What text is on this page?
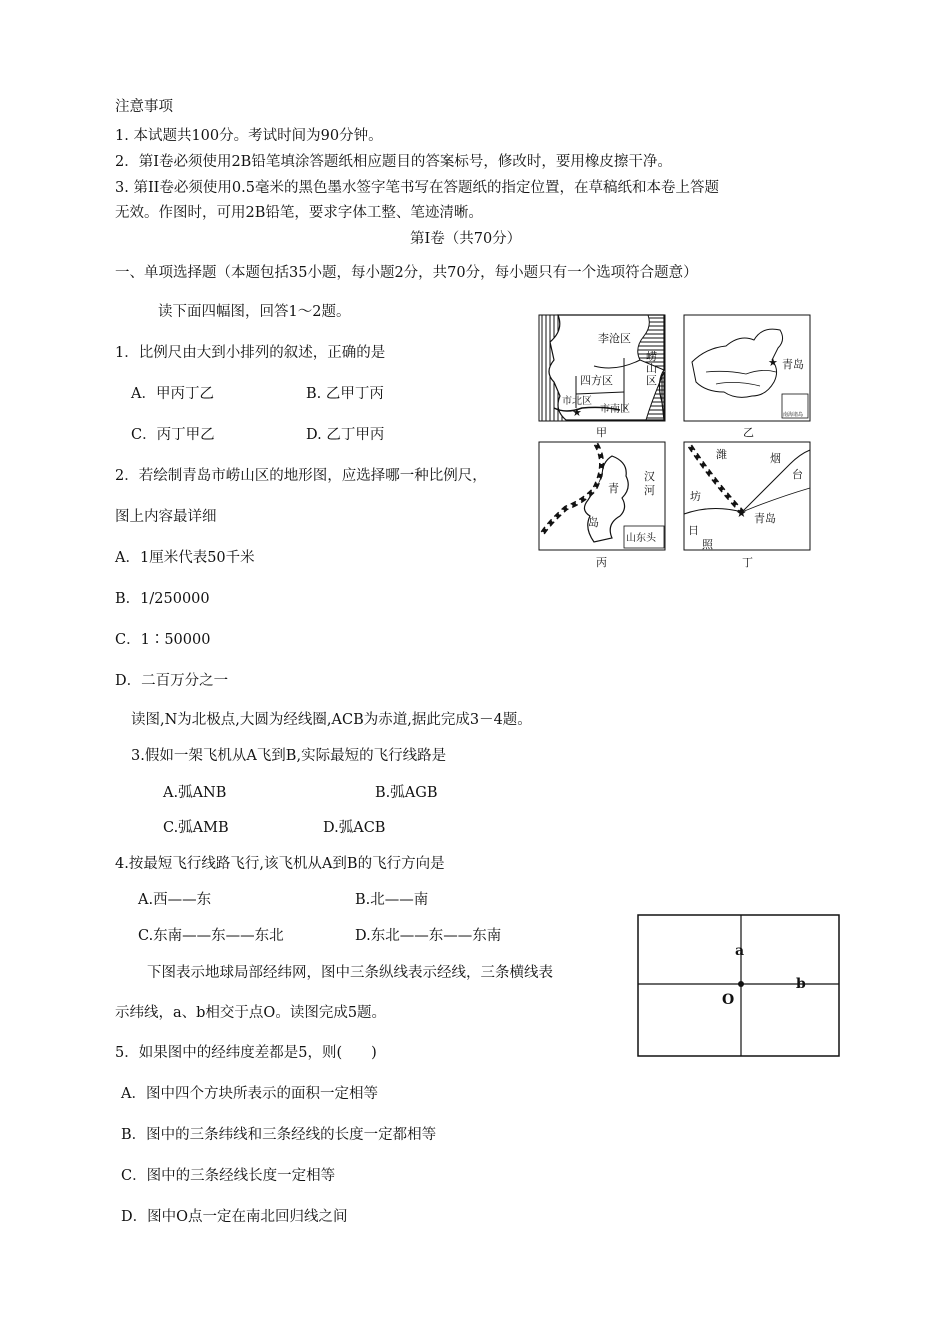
注意事项
1. 本试题共100分。考试时间为90分钟。
2．第I卷必须使用2B铅笔填涂答题纸相应题目的答案标号，修改时，要用橡皮擦干净。
3. 第II卷必须使用0.5毫米的黑色墨水签字笔书写在答题纸的指定位置，在草稿纸和本卷上答题
无效。作图时，可用2B铅笔，要求字体工整、笔迹清晰。
第Ⅰ卷（共70分）
一、单项选择题（本题包括35小题，每小题2分，共70分，每小题只有一个选项符合题意）
读下面四幅图，回答1～2题。
1．比例尺由大到小排列的叙述，正确的是
A．甲丙丁乙	B. 乙甲丁丙
C．丙丁甲乙	D. 乙丁甲丙
2．若绘制青岛市崂山区的地形图，应选择哪一种比例尺，
图上内容最详细
A．1厘米代表50千米
B．1/250000
C．1∶50000
D．二百万分之一
读图,N为北极点,大圆为经线圈,ACB为赤道,据此完成3－4题。
3.假如一架飞机从A飞到B,实际最短的飞行线路是
A.弧ANB	B.弧AGB
C.弧AMB	D.弧ACB
4.按最短飞行线路飞行,该飞机从A到B的飞行方向是
A.西——东	B.北——南
C.东南——东——东北	D.东北——东——东南
下图表示地球局部经纬网，图中三条纵线表示经线，三条横线表
示纬线，a、b相交于点O。读图完成5题。
5．如果图中的经纬度差都是5，则(　　)
A．图中四个方块所表示的面积一定相等
B．图中的三条纬线和三条经线的长度一定都相等
C．图中的三条经线长度一定相等
D．图中O点一定在南北回归线之间
李沧区
崂
山
区
四方区
市北区
市南区
★
甲
★ 青岛
南海诸岛
乙
汉
河
青
岛
山东头
丙
潍
坊
烟
台
日
照
★ 青岛
丁
a
b
O
